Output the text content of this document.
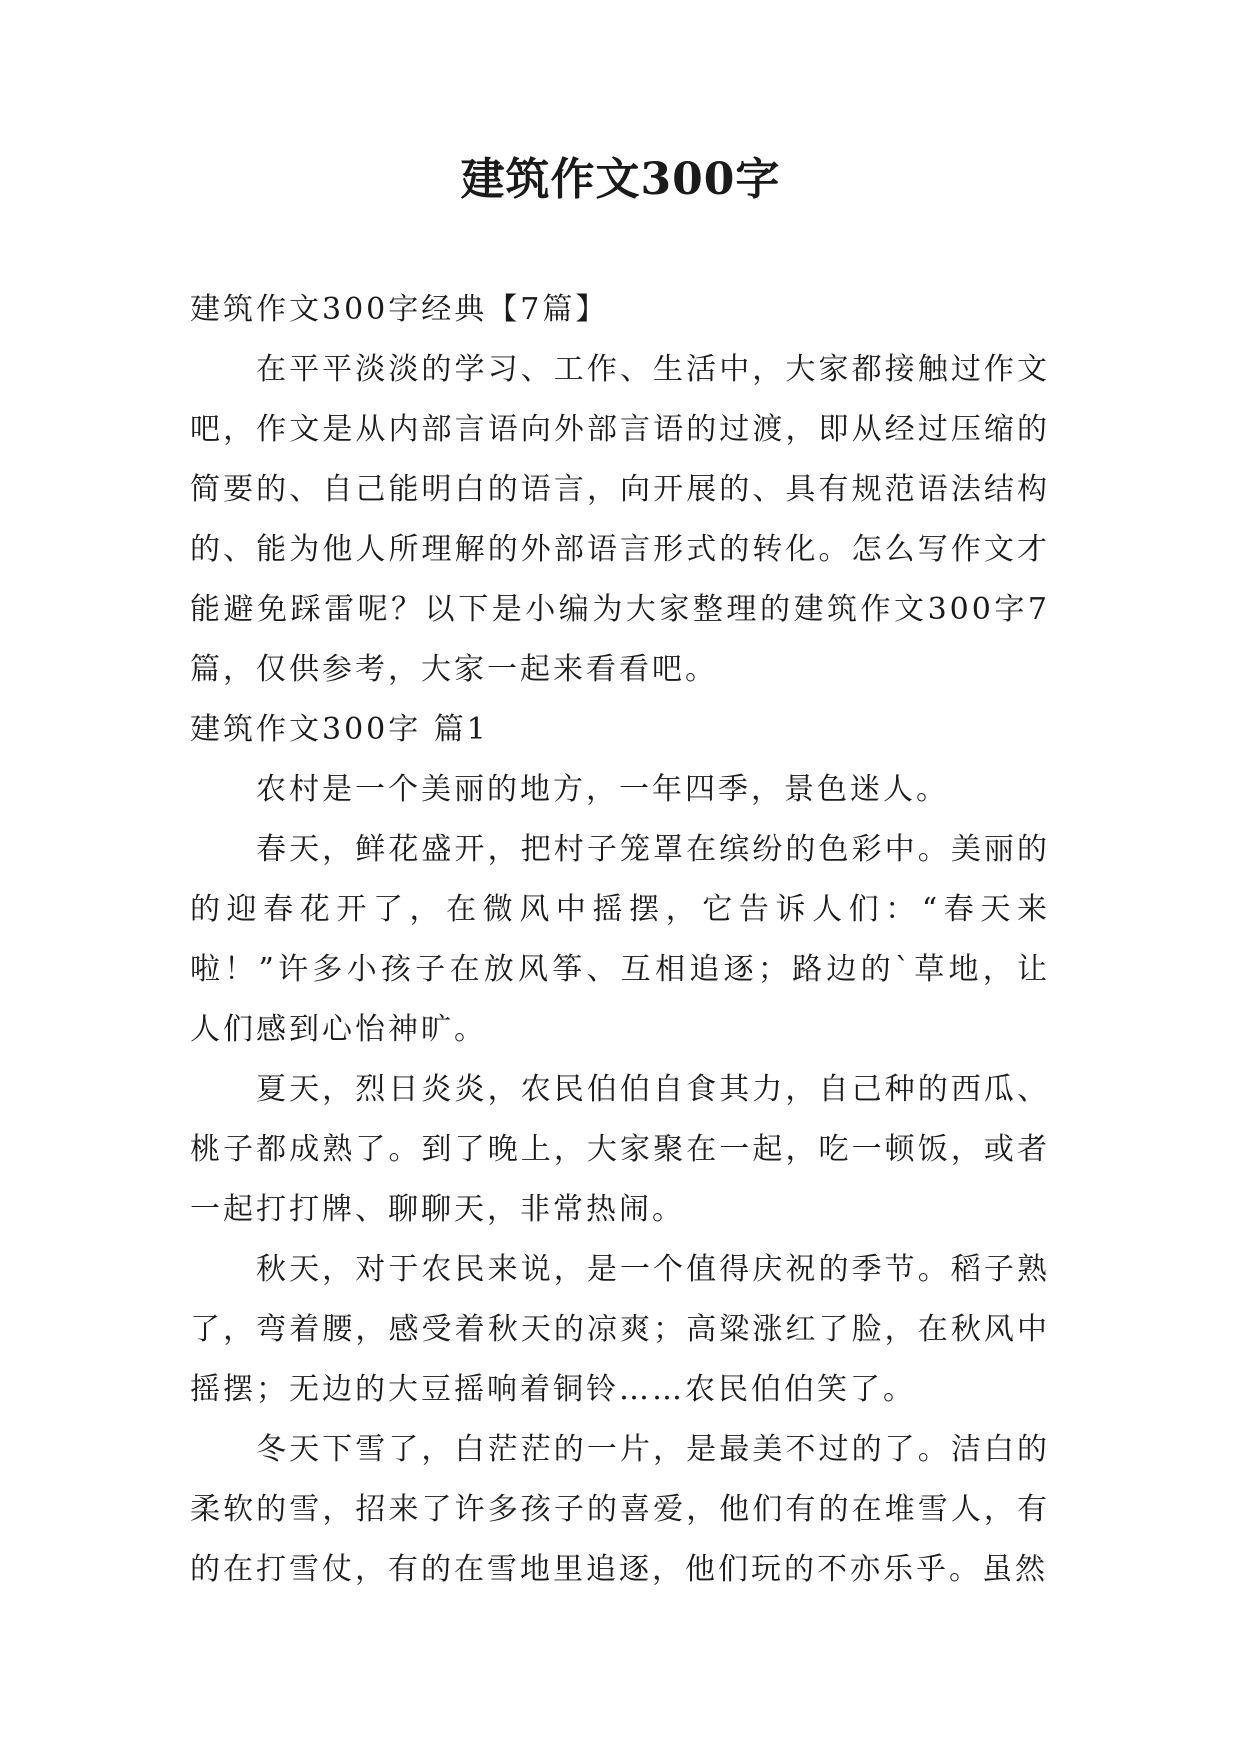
建筑作文300字

建筑作文300字经典【7篇】

在平平淡淡的学习、工作、生活中，大家都接触过作文吧，作文是从内部言语向外部言语的过渡，即从经过压缩的简要的、自己能明白的语言，向开展的、具有规范语法结构的、能为他人所理解的外部语言形式的转化。怎么写作文才能避免踩雷呢？以下是小编为大家整理的建筑作文300字7篇，仅供参考，大家一起来看看吧。

建筑作文300字 篇1

农村是一个美丽的地方，一年四季，景色迷人。

春天，鲜花盛开，把村子笼罩在缤纷的色彩中。美丽的的迎春花开了，在微风中摇摆，它告诉人们：“春天来啦！”许多小孩子在放风筝、互相追逐；路边的`草地，让人们感到心怡神旷。

夏天，烈日炎炎，农民伯伯自食其力，自己种的西瓜、桃子都成熟了。到了晚上，大家聚在一起，吃一顿饭，或者一起打打牌、聊聊天，非常热闹。

秋天，对于农民来说，是一个值得庆祝的季节。稻子熟了，弯着腰，感受着秋天的凉爽；高粱涨红了脸，在秋风中摇摆；无边的大豆摇响着铜铃……农民伯伯笑了。

冬天下雪了，白茫茫的一片，是最美不过的了。洁白的柔软的雪，招来了许多孩子的喜爱，他们有的在堆雪人，有的在打雪仗，有的在雪地里追逐，他们玩的不亦乐乎。虽然
